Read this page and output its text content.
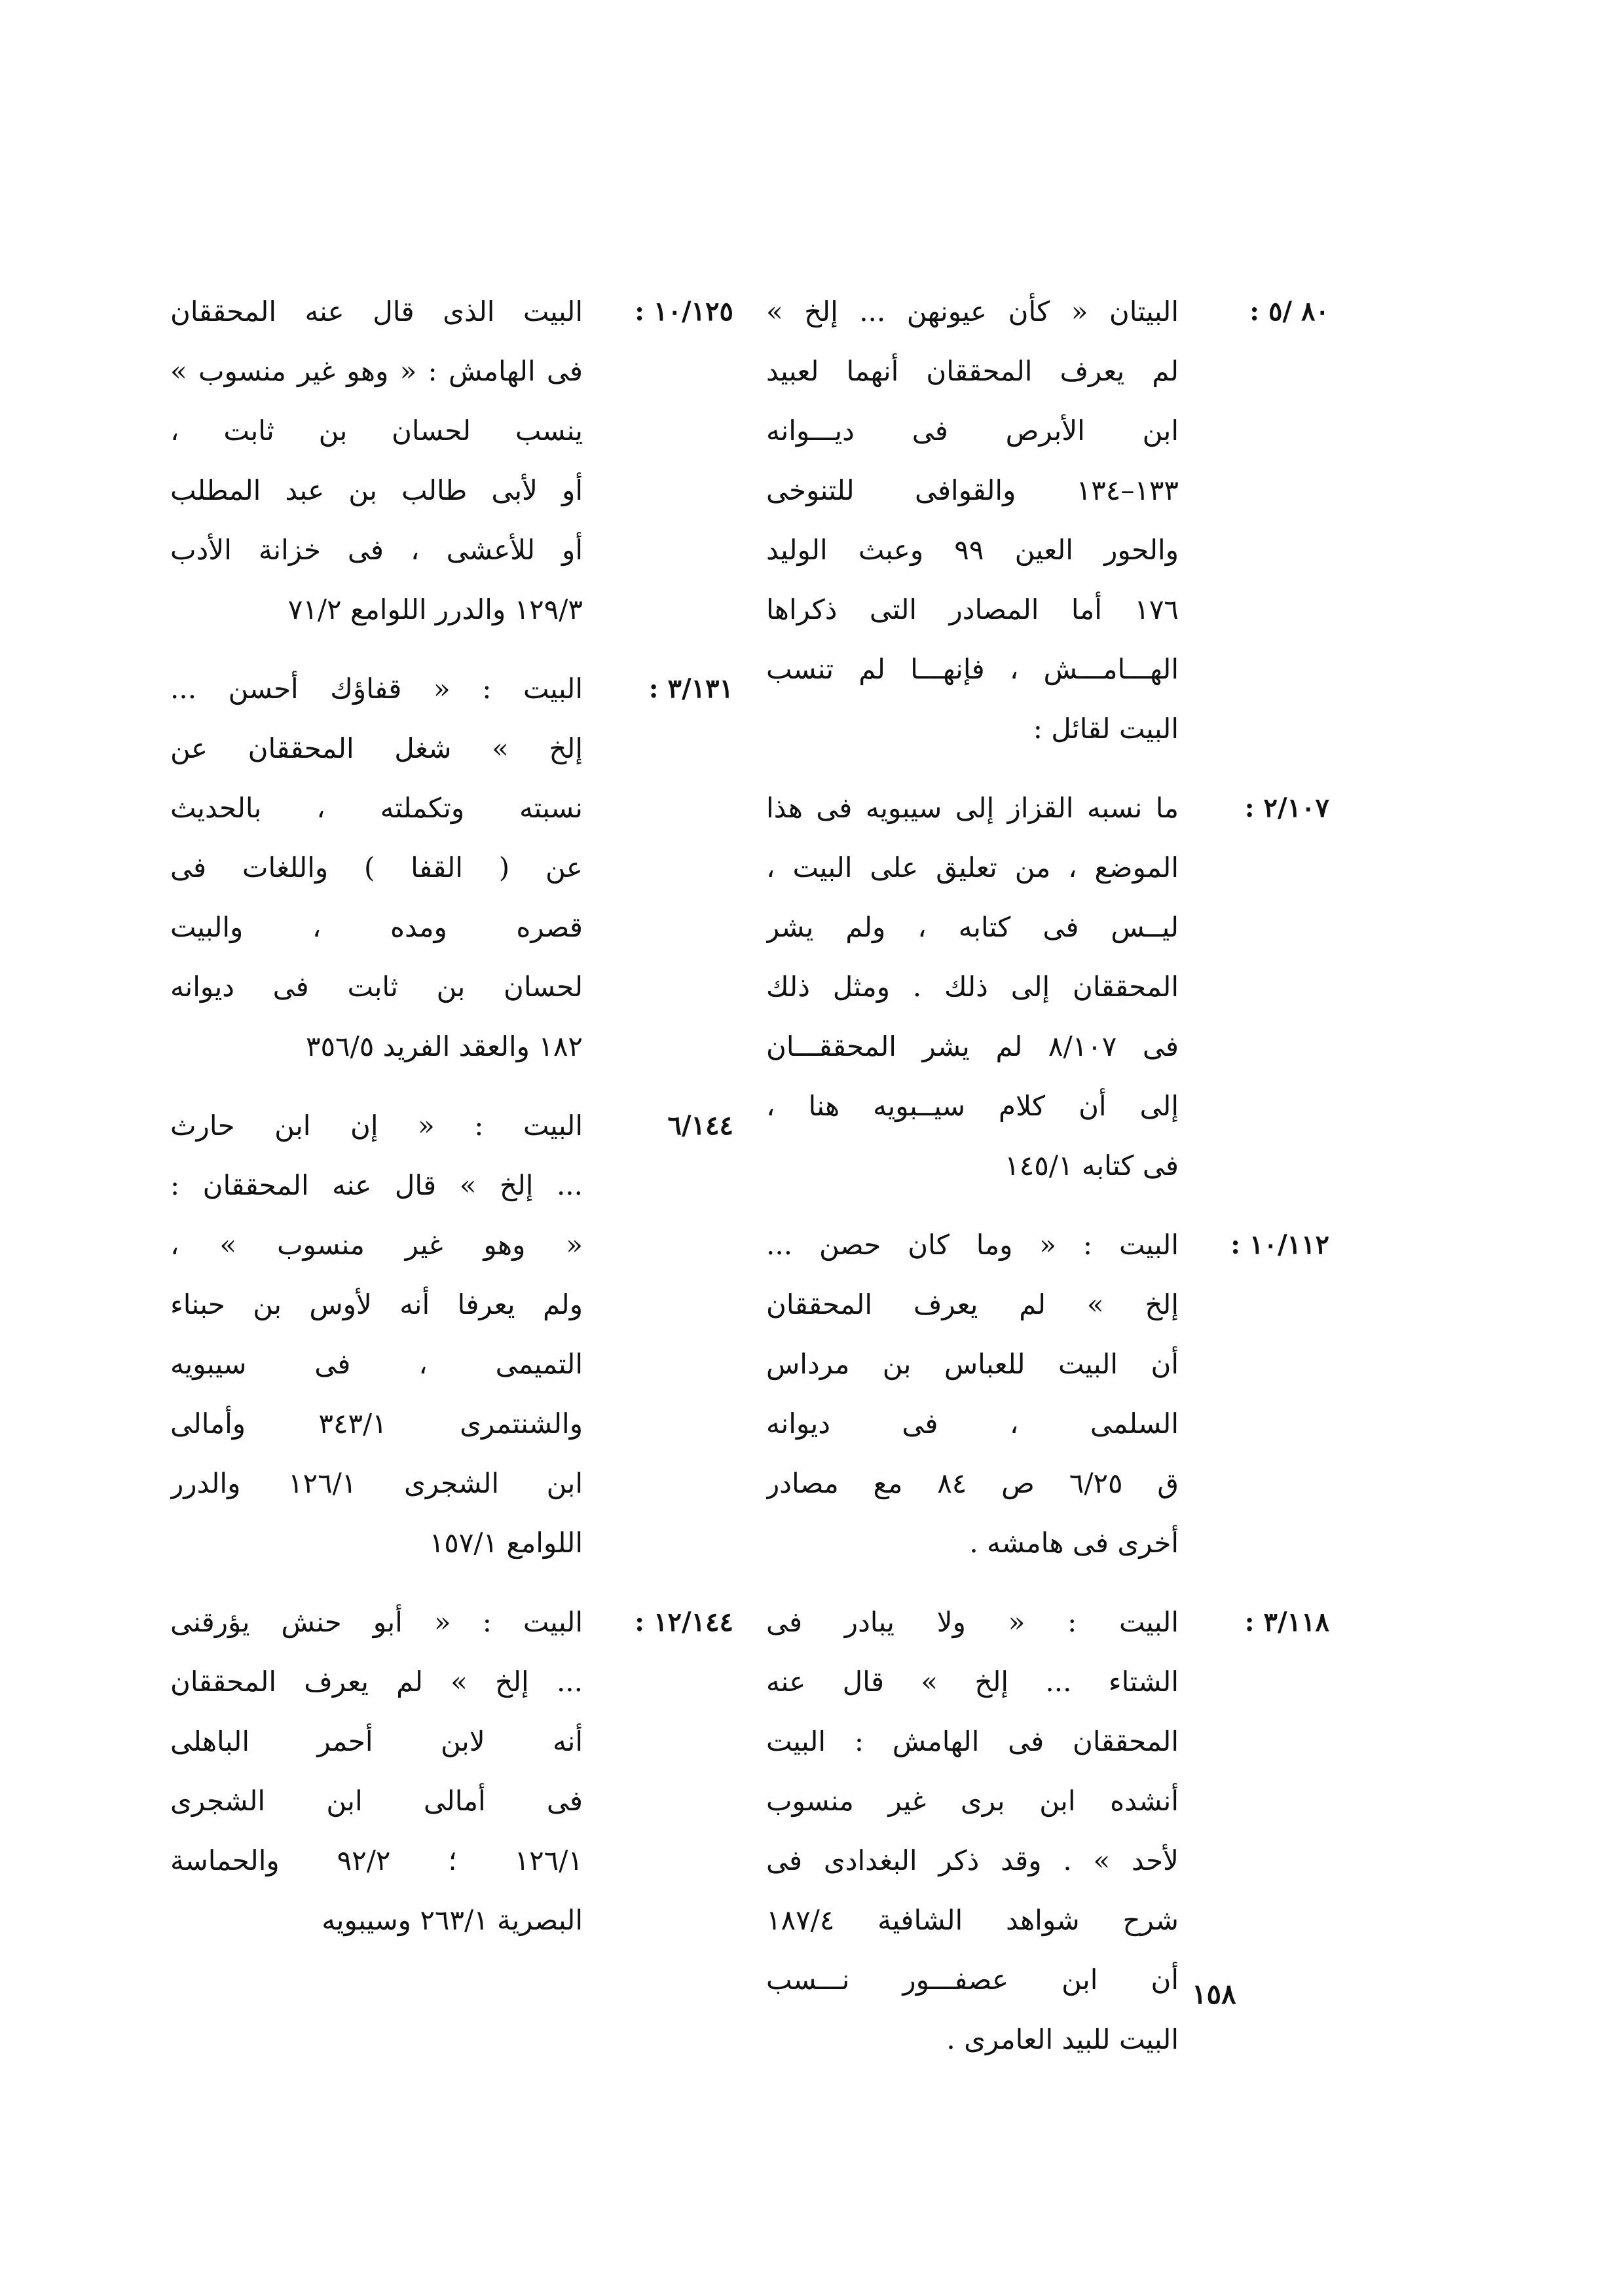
٨٠ /٥ :
البيتان « كأن عيونهن ... إلخ »
لم يعرف المحققان أنهما لعبيد
ابن الأبرص فى ديـــوانه
١٣٣–١٣٤ والقوافى للتنوخى
والحور العين ٩٩ وعبث الوليد
١٧٦ أما المصادر التى ذكراها
الهـــامـــش ، فإنهـــا لم تنسب
البيت لقائل :
٢/١٠٧ :
ما نسبه القزاز إلى سيبويه فى هذا
الموضع ، من تعليق على البيت ،
ليــس فى كتابه ، ولم يشر
المحققان إلى ذلك . ومثل ذلك
فى ٨/١٠٧ لم يشر المحققـــان
إلى أن كلام سيــبويه هنا ،
فى كتابه ١٤٥/١
١٠/١١٢ :
البيت : « وما كان حصن ...
إلخ » لم يعرف المحققان
أن البيت للعباس بن مرداس
السلمى ، فى ديوانه
ق ٦/٢٥ ص ٨٤ مع مصادر
أخرى فى هامشه .
٣/١١٨ :
البيت : « ولا يبادر فى
الشتاء ... إلخ » قال عنه
المحققان فى الهامش : البيت
أنشده ابن برى غير منسوب
لأحد » . وقد ذكر البغدادى فى
شرح شواهد الشافية ١٨٧/٤
أن ابن عصفـــور نـــسب
البيت للبيد العامرى .
١٠/١٢٥ :
البيت الذى قال عنه المحققان
فى الهامش : « وهو غير منسوب »
ينسب لحسان بن ثابت ،
أو لأبى طالب بن عبد المطلب
أو للأعشى ، فى خزانة الأدب
١٢٩/٣ والدرر اللوامع ٧١/٢
٣/١٣١ :
البيت : « قفاؤك أحسن ...
إلخ » شغل المحققان عن
نسبته وتكملته ، بالحديث
عن ( القفا ) واللغات فى
قصره ومده ، والبيت
لحسان بن ثابت فى ديوانه
١٨٢ والعقد الفريد ٣٥٦/٥
٦/١٤٤
البيت : « إن ابن حارث
... إلخ » قال عنه المحققان :
« وهو غير منسوب » ،
ولم يعرفا أنه لأوس بن حبناء
التميمى ، فى سيبويه
والشنتمرى ٣٤٣/١ وأمالى
ابن الشجرى ١٢٦/١ والدرر
اللوامع ١٥٧/١
١٢/١٤٤ :
البيت : « أبو حنش يؤرقنى
... إلخ » لم يعرف المحققان
أنه لابن أحمر الباهلى
فى أمالى ابن الشجرى
١٢٦/١ ؛ ٩٢/٢ والحماسة
البصرية ٢٦٣/١ وسيبويه
١٥٨
